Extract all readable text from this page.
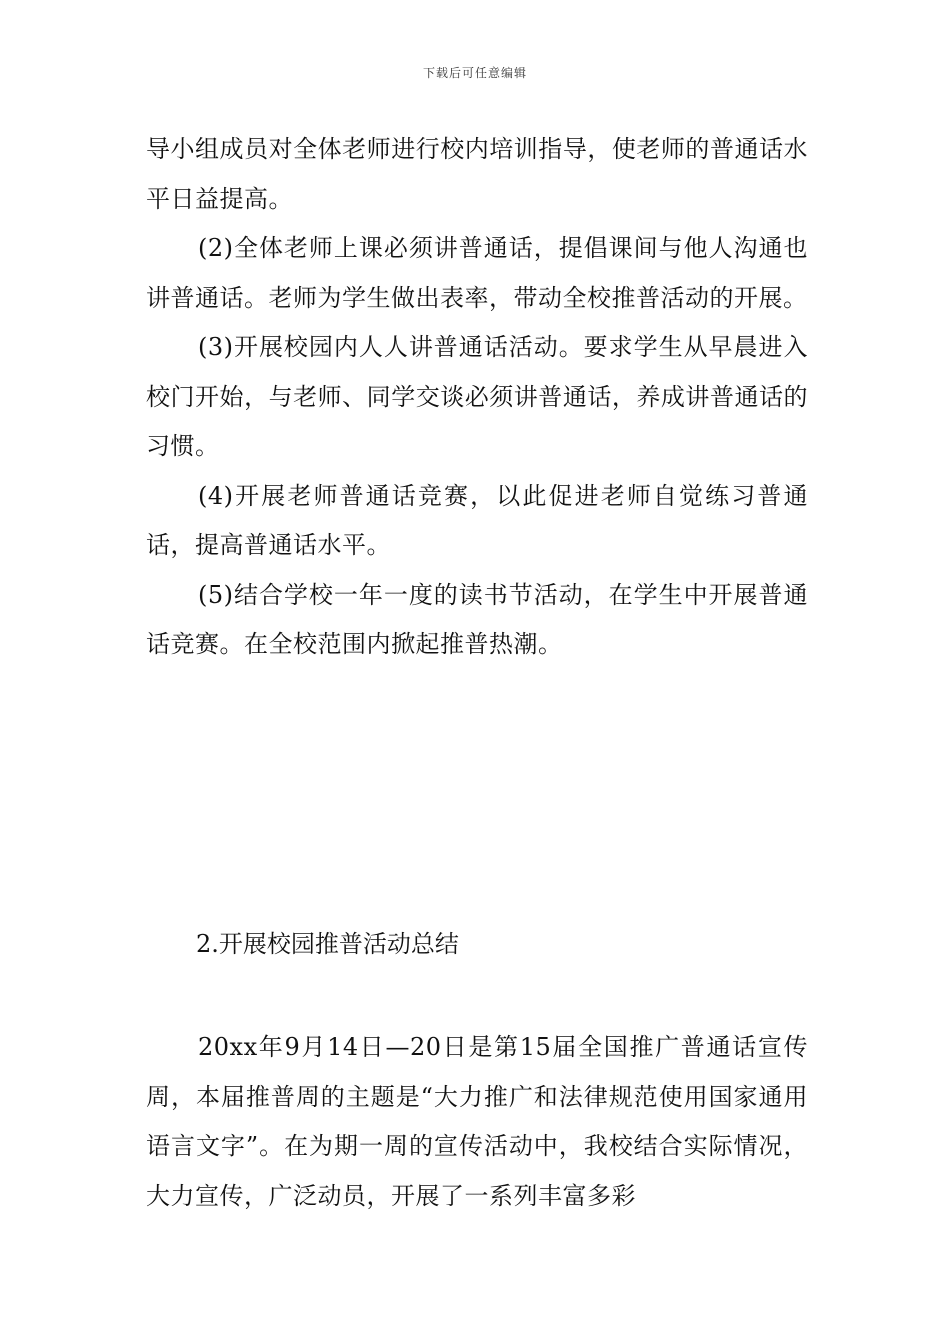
下载后可任意编辑

导小组成员对全体老师进行校内培训指导，使老师的普通话水平日益提高。

(2)全体老师上课必须讲普通话，提倡课间与他人沟通也讲普通话。老师为学生做出表率，带动全校推普活动的开展。

(3)开展校园内人人讲普通话活动。要求学生从早晨进入校门开始，与老师、同学交谈必须讲普通话，养成讲普通话的习惯。

(4)开展老师普通话竞赛，以此促进老师自觉练习普通话，提高普通话水平。

(5)结合学校一年一度的读书节活动，在学生中开展普通话竞赛。在全校范围内掀起推普热潮。

2.开展校园推普活动总结

20xx年9月14日—20日是第15届全国推广普通话宣传周，本届推普周的主题是“大力推广和法律规范使用国家通用语言文字”。在为期一周的宣传活动中，我校结合实际情况，大力宣传，广泛动员，开展了一系列丰富多彩
